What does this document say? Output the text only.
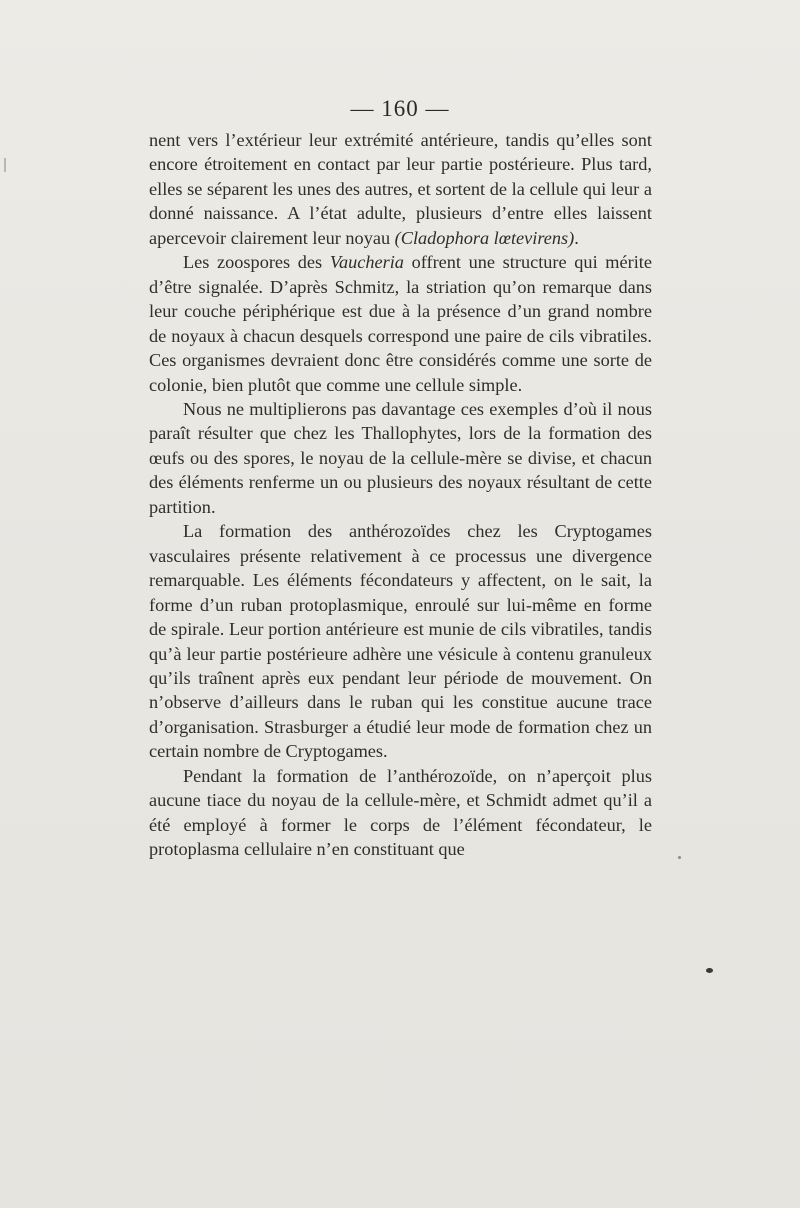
— 160 —

nent vers l’extérieur leur extrémité antérieure, tandis qu’elles sont encore étroitement en contact par leur partie postérieure. Plus tard, elles se séparent les unes des autres, et sortent de la cellule qui leur a donné naissance. A l’état adulte, plusieurs d’entre elles laissent apercevoir clairement leur noyau (Cladophora lœtevirens).

Les zoospores des Vaucheria offrent une structure qui mérite d’être signalée. D’après Schmitz, la striation qu’on remarque dans leur couche périphérique est due à la présence d’un grand nombre de noyaux à chacun desquels correspond une paire de cils vibratiles. Ces organismes devraient donc être considérés comme une sorte de colonie, bien plutôt que comme une cellule simple.

Nous ne multiplierons pas davantage ces exemples d’où il nous paraît résulter que chez les Thallophytes, lors de la formation des œufs ou des spores, le noyau de la cellule-mère se divise, et chacun des éléments renferme un ou plusieurs des noyaux résultant de cette partition.

La formation des anthérozoïdes chez les Cryptogames vasculaires présente relativement à ce processus une divergence remarquable. Les éléments fécondateurs y affectent, on le sait, la forme d’un ruban protoplasmique, enroulé sur lui-même en forme de spirale. Leur portion antérieure est munie de cils vibratiles, tandis qu’à leur partie postérieure adhère une vésicule à contenu granuleux qu’ils traînent après eux pendant leur période de mouvement. On n’observe d’ailleurs dans le ruban qui les constitue aucune trace d’organisation. Strasburger a étudié leur mode de formation chez un certain nombre de Cryptogames.

Pendant la formation de l’anthérozoïde, on n’aperçoit plus aucune tiace du noyau de la cellule-mère, et Schmidt admet qu’il a été employé à former le corps de l’élément fécondateur, le protoplasma cellulaire n’en constituant que
